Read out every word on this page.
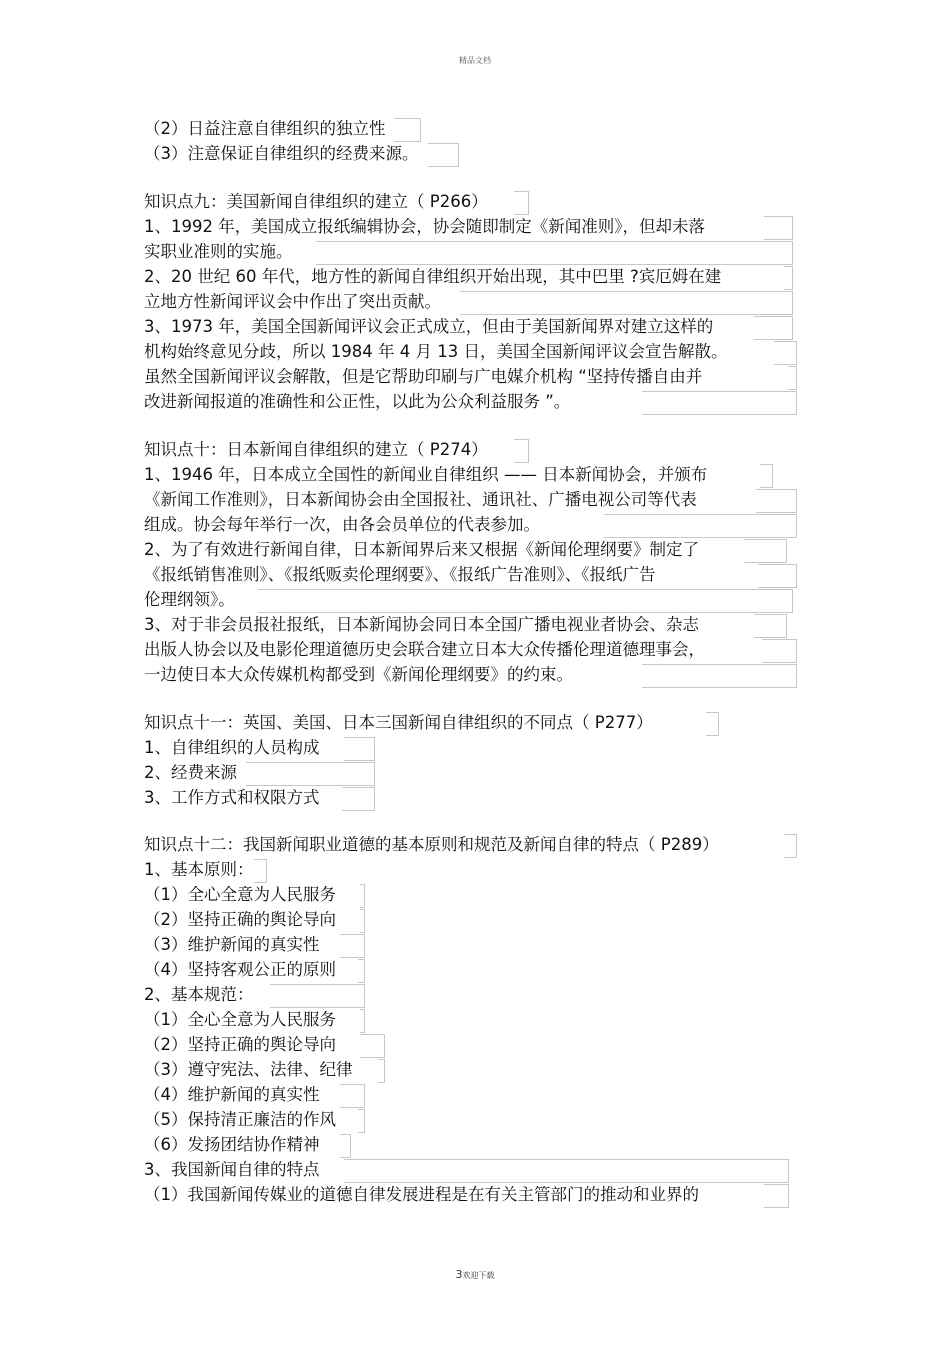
精品文档
（2）日益注意自律组织的独立性
（3）注意保证自律组织的经费来源。
知识点九：美国新闻自律组织的建立（ P266）
1、1992 年，美国成立报纸编辑协会，协会随即制定《新闻准则》，但却未落
实职业准则的实施。
2、20 世纪 60 年代，地方性的新闻自律组织开始出现，其中巴里 ?宾厄姆在建
立地方性新闻评议会中作出了突出贡献。
3、1973 年，美国全国新闻评议会正式成立，但由于美国新闻界对建立这样的
机构始终意见分歧，所以 1984 年 4 月 13 日，美国全国新闻评议会宣告解散。
虽然全国新闻评议会解散，但是它帮助印刷与广电媒介机构 “坚持传播自由并
改进新闻报道的准确性和公正性，以此为公众利益服务 ”。
知识点十：日本新闻自律组织的建立（ P274）
1、1946 年，日本成立全国性的新闻业自律组织 —— 日本新闻协会，并颁布
《新闻工作准则》，日本新闻协会由全国报社、通讯社、广播电视公司等代表
组成。协会每年举行一次，由各会员单位的代表参加。
2、为了有效进行新闻自律，日本新闻界后来又根据《新闻伦理纲要》制定了
《报纸销售准则》、《报纸贩卖伦理纲要》、《报纸广告准则》、《报纸广告
伦理纲领》。
3、对于非会员报社报纸，日本新闻协会同日本全国广播电视业者协会、杂志
出版人协会以及电影伦理道德历史会联合建立日本大众传播伦理道德理事会，
一边使日本大众传媒机构都受到《新闻伦理纲要》的约束。
知识点十一：英国、美国、日本三国新闻自律组织的不同点（ P277）
1、自律组织的人员构成
2、经费来源
3、工作方式和权限方式
知识点十二：我国新闻职业道德的基本原则和规范及新闻自律的特点（ P289）
1、基本原则：
（1）全心全意为人民服务
（2）坚持正确的舆论导向
（3）维护新闻的真实性
（4）坚持客观公正的原则
2、基本规范：
（1）全心全意为人民服务
（2）坚持正确的舆论导向
（3）遵守宪法、法律、纪律
（4）维护新闻的真实性
（5）保持清正廉洁的作风
（6）发扬团结协作精神
3、我国新闻自律的特点
（1）我国新闻传媒业的道德自律发展进程是在有关主管部门的推动和业界的
3欢迎下载
